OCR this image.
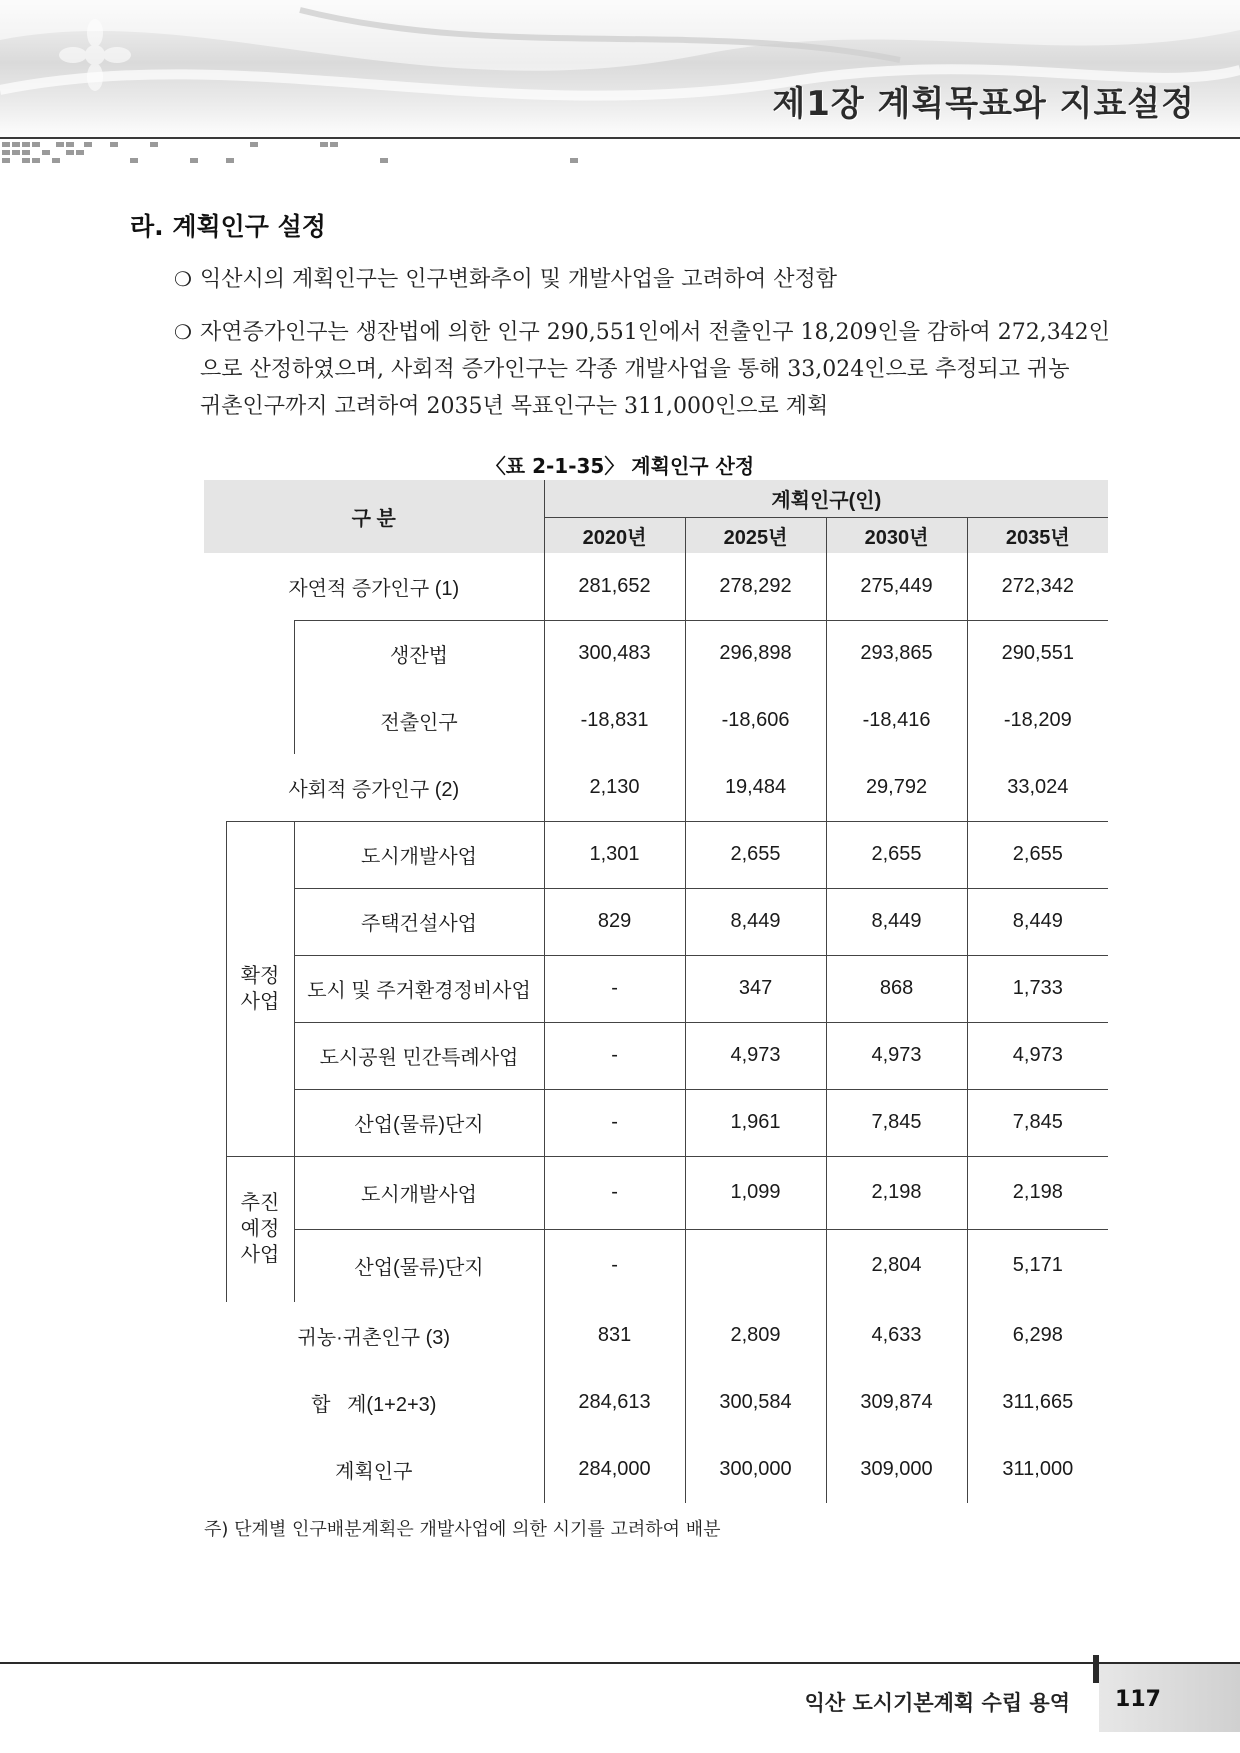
제1장 계획목표와 지표설정
라. 계획인구 설정
❍ 익산시의 계획인구는 인구변화추이 및 개발사업을 고려하여 산정함
❍ 자연증가인구는 생잔법에 의한 인구 290,551인에서 전출인구 18,209인을 감하여 272,342인
으로 산정하였으며, 사회적 증가인구는 각종 개발사업을 통해 33,024인으로 추정되고 귀농
귀촌인구까지 고려하여 2035년 목표인구는 311,000인으로 계획
〈표 2-1-35〉 계획인구 산정
구 분			계획인구(인)			
			2020년	2025년	2030년	2035년
자연적 증가인구 (1)			281,652	278,292	275,449	272,342
		생잔법	300,483	296,898	293,865	290,551
		전출인구	-18,831	-18,606	-18,416	-18,209
사회적 증가인구 (2)			2,130	19,484	29,792	33,024
	확정
사업	도시개발사업	1,301	2,655	2,655	2,655
		주택건설사업	829	8,449	8,449	8,449
		도시 및 주거환경정비사업	-	347	868	1,733
		도시공원 민간특례사업	-	4,973	4,973	4,973
		산업(물류)단지	-	1,961	7,845	7,845
	추진
예정
사업	도시개발사업	-	1,099	2,198	2,198
		산업(물류)단지	-		2,804	5,171
귀농·귀촌인구 (3)			831	2,809	4,633	6,298
합   계(1+2+3)			284,613	300,584	309,874	311,665
계획인구			284,000	300,000	309,000	311,000
주) 단계별 인구배분계획은 개발사업에 의한 시기를 고려하여 배분
익산 도시기본계획 수립 용역	117
